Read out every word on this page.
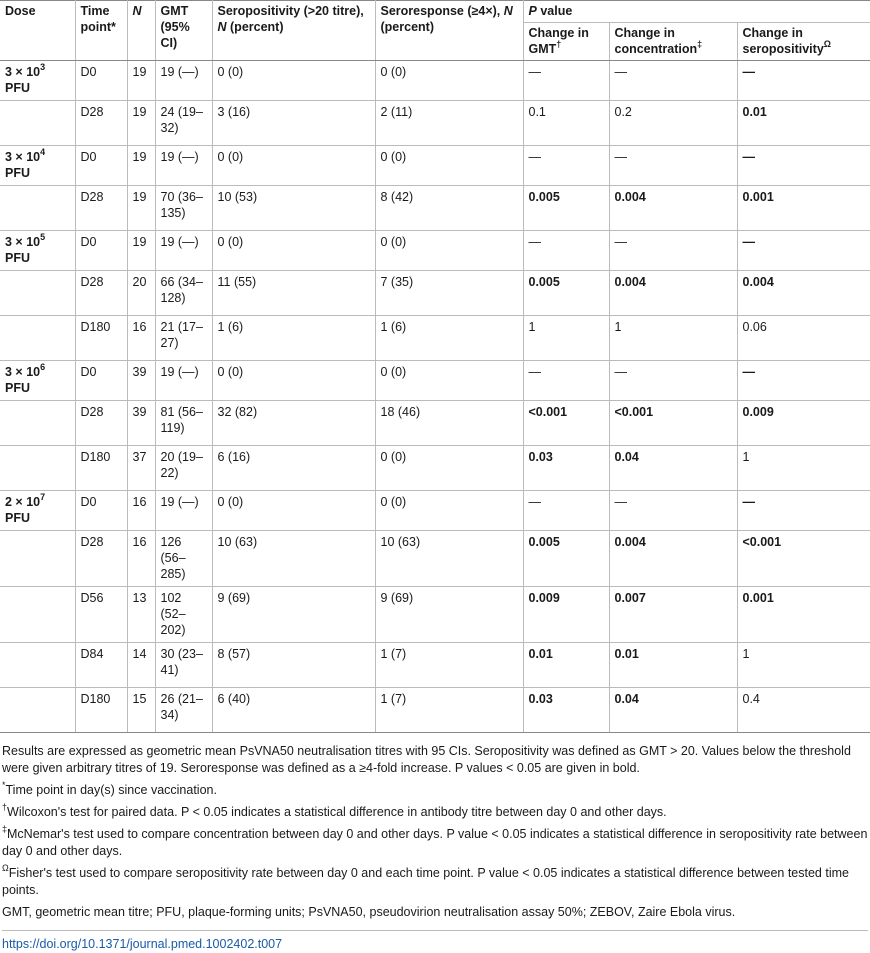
Dose	Time point*	N	GMT (95% CI)	Seropositivity (>20 titre), N (percent)	Seroresponse (≥4×), N (percent)	P value		
						Change in GMT†	Change in concentration‡	Change in seropositivity$^\Omega$
$3 \times 10^3$ PFU	D0	19	19 (—)	0 (0)	0 (0)	—	—	—
	D28	19	24 (19–32)	3 (16)	2 (11)	0.1	0.2	0.01
$3 \times 10^4$ PFU	D0	19	19 (—)	0 (0)	0 (0)	—	—	—
	D28	19	70 (36–135)	10 (53)	8 (42)	0.005	0.004	0.001
$3 \times 10^5$ PFU	D0	19	19 (—)	0 (0)	0 (0)	—	—	—
	D28	20	66 (34–128)	11 (55)	7 (35)	0.005	0.004	0.004
	D180	16	21 (17–27)	1 (6)	1 (6)	1	1	0.06
$3 \times 10^6$ PFU	D0	39	19 (—)	0 (0)	0 (0)	—	—	—
	D28	39	81 (56–119)	32 (82)	18 (46)	<0.001	<0.001	0.009
	D180	37	20 (19–22)	6 (16)	0 (0)	0.03	0.04	1
$2 \times 10^7$ PFU	D0	16	19 (—)	0 (0)	0 (0)	—	—	—
	D28	16	126 (56–285)	10 (63)	10 (63)	0.005	0.004	<0.001
	D56	13	102 (52–202)	9 (69)	9 (69)	0.009	0.007	0.001
	D84	14	30 (23–41)	8 (57)	1 (7)	0.01	0.01	1
	D180	15	26 (21–34)	6 (40)	1 (7)	0.03	0.04	0.4

Results are expressed as geometric mean PsVNA50 neutralisation titres with 95 CIs. Seropositivity was defined as GMT > 20. Values below the threshold were given arbitrary titres of 19. Seroresponse was defined as a ≥4-fold increase. P values < 0.05 are given in bold.

*Time point in day(s) since vaccination.

†Wilcoxon's test for paired data. P < 0.05 indicates a statistical difference in antibody titre between day 0 and other days.

‡McNemar's test used to compare concentration between day 0 and other days. P value < 0.05 indicates a statistical difference in seropositivity rate between day 0 and other days.

$^\Omega$Fisher's test used to compare seropositivity rate between day 0 and each time point. P value < 0.05 indicates a statistical difference between tested time points.

GMT, geometric mean titre; PFU, plaque-forming units; PsVNA50, pseudovirion neutralisation assay 50%; ZEBOV, Zaire Ebola virus.

https://doi.org/10.1371/journal.pmed.1002402.t007
